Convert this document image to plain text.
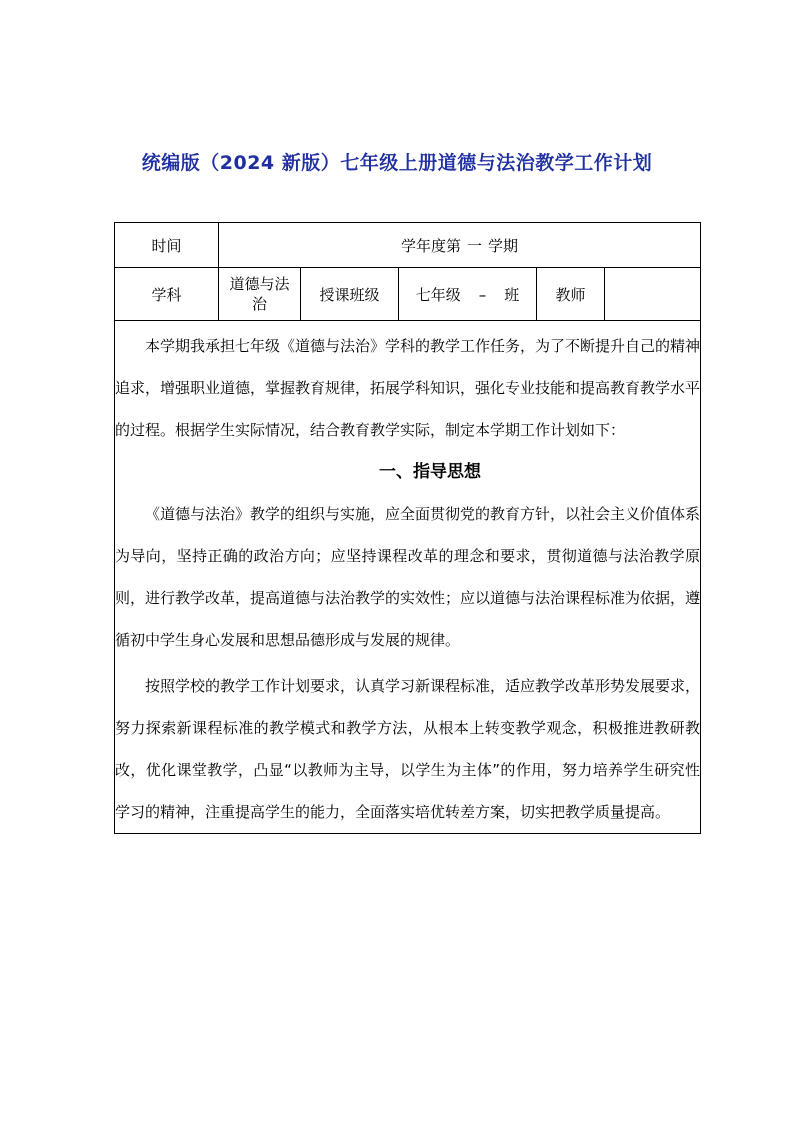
统编版（2024 新版）七年级上册道德与法治教学工作计划
时间	学年度第 一 学期				
学科	道德与法治	授课班级	七年级 – 班	教师	

本学期我承担七年级《道德与法治》学科的教学工作任务，为了不断提升自己的精神追求，增强职业道德，掌握教育规律，拓展学科知识，强化专业技能和提高教育教学水平的过程。根据学生实际情况，结合教育教学实际，制定本学期工作计划如下：

一、指导思想

《道德与法治》教学的组织与实施，应全面贯彻党的教育方针，以社会主义价值体系为导向，坚持正确的政治方向；应坚持课程改革的理念和要求，贯彻道德与法治教学原则，进行教学改革，提高道德与法治教学的实效性；应以道德与法治课程标准为依据，遵循初中学生身心发展和思想品德形成与发展的规律。

按照学校的教学工作计划要求，认真学习新课程标准，适应教学改革形势发展要求，努力探索新课程标准的教学模式和教学方法，从根本上转变教学观念，积极推进教研教改，优化课堂教学，凸显“以教师为主导，以学生为主体”的作用，努力培养学生研究性学习的精神，注重提高学生的能力，全面落实培优转差方案，切实把教学质量提高。					
